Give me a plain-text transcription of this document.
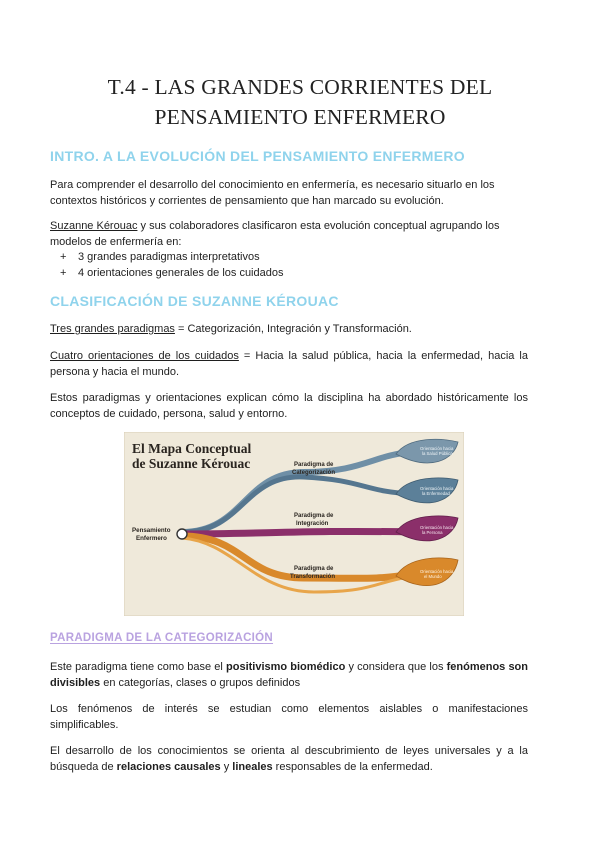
T.4 - LAS GRANDES CORRIENTES DEL
PENSAMIENTO ENFERMERO
INTRO. A LA EVOLUCIÓN DEL PENSAMIENTO ENFERMERO
Para comprender el desarrollo del conocimiento en enfermería, es necesario situarlo en los contextos históricos y corrientes de pensamiento que han marcado su evolución.
Suzanne Kérouac y sus colaboradores clasificaron esta evolución conceptual agrupando los modelos de enfermería en:
+ 3 grandes paradigmas interpretativos
+ 4 orientaciones generales de los cuidados
CLASIFICACIÓN DE SUZANNE KÉROUAC
Tres grandes paradigmas = Categorización, Integración y Transformación.
Cuatro orientaciones de los cuidados = Hacia la salud pública, hacia la enfermedad, hacia la persona y hacia el mundo.
Estos paradigmas y orientaciones explican cómo la disciplina ha abordado históricamente los conceptos de cuidado, persona, salud y entorno.
El Mapa Conceptual
de Suzanne Kérouac
Pensamiento
Enfermero
Paradigma de
Categorización
Paradigma de
Integración
Paradigma de
Transformación
Orientación hacia
la Salud Pública
Orientación hacia
la Enfermedad
Orientación hacia
la Persona
Orientación hacia
el Mundo
PARADIGMA DE LA CATEGORIZACIÓN
Este paradigma tiene como base el positivismo biomédico y considera que los fenómenos son divisibles en categorías, clases o grupos definidos
Los fenómenos de interés se estudian como elementos aislables o manifestaciones simplificables.
El desarrollo de los conocimientos se orienta al descubrimiento de leyes universales y a la búsqueda de relaciones causales y lineales responsables de la enfermedad.
